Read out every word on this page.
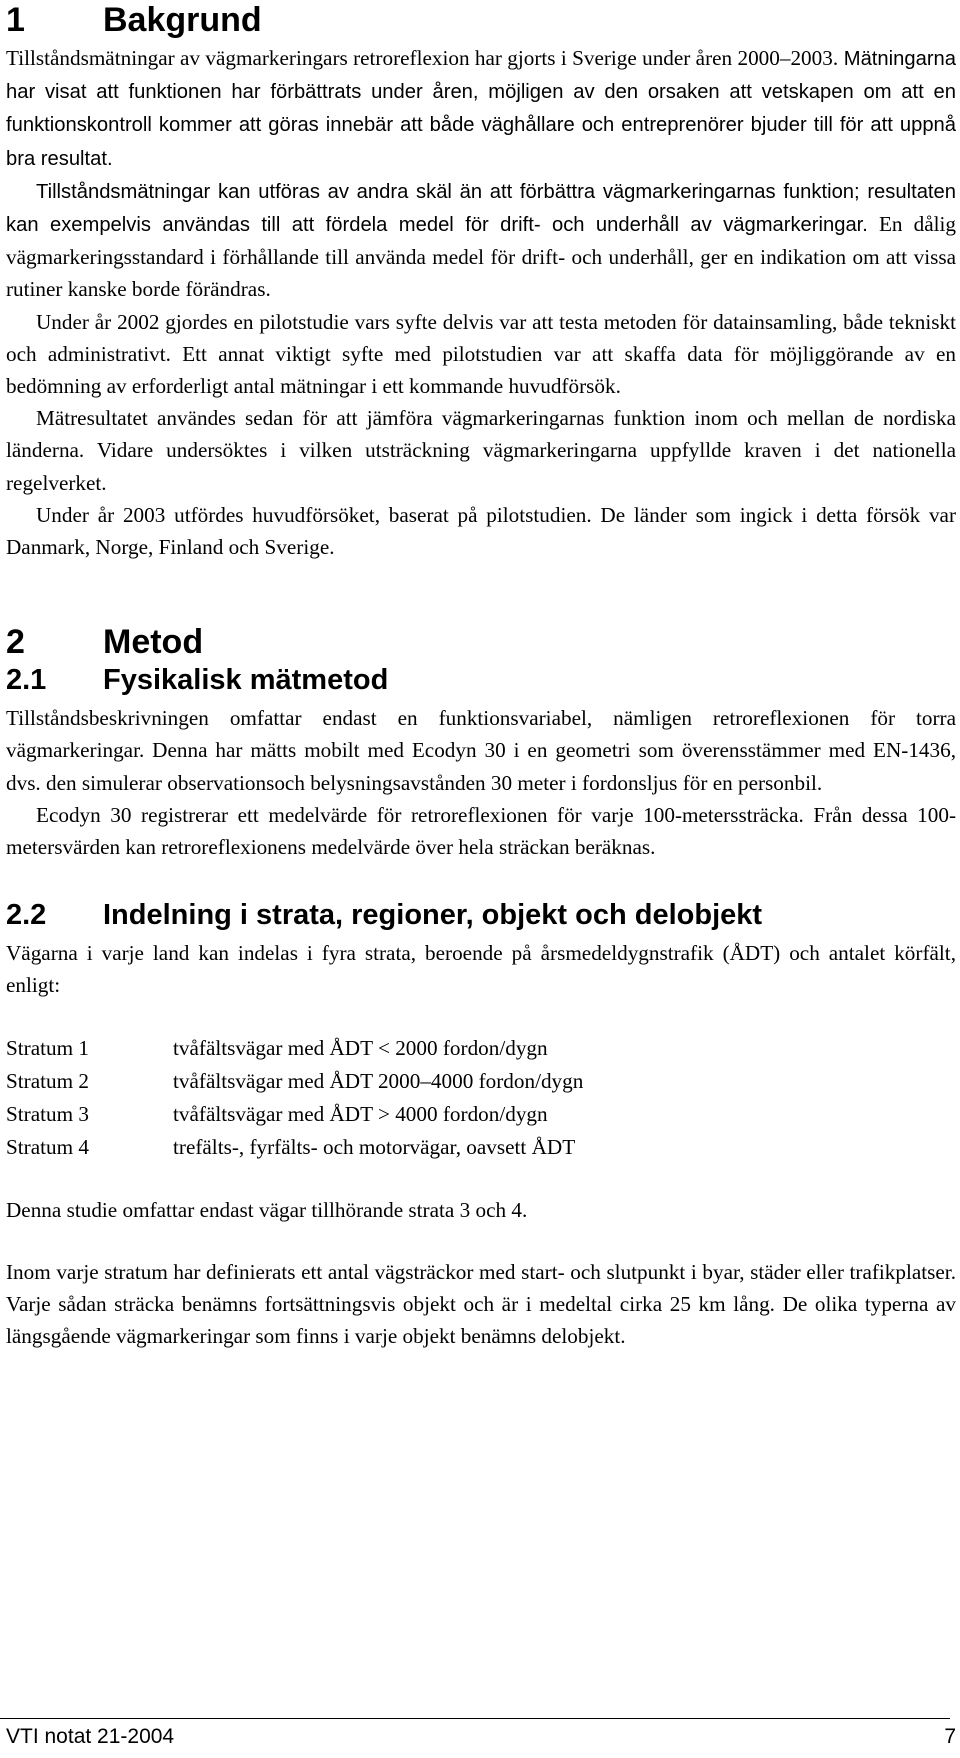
1 Bakgrund

Tillståndsmätningar av vägmarkeringars retroreflexion har gjorts i Sverige under åren 2000–2003. Mätningarna har visat att funktionen har förbättrats under åren, möjligen av den orsaken att vetskapen om att en funktionskontroll kommer att göras innebär att både väghållare och entreprenörer bjuder till för att uppnå bra resultat.

Tillståndsmätningar kan utföras av andra skäl än att förbättra vägmarkeringarnas funktion; resultaten kan exempelvis användas till att fördela medel för drift- och underhåll av vägmarkeringar. En dålig vägmarkeringsstandard i förhållande till använda medel för drift- och underhåll, ger en indikation om att vissa rutiner kanske borde förändras.

Under år 2002 gjordes en pilotstudie vars syfte delvis var att testa metoden för datainsamling, både tekniskt och administrativt. Ett annat viktigt syfte med pilotstudien var att skaffa data för möjliggörande av en bedömning av erforderligt antal mätningar i ett kommande huvudförsök.

Mätresultatet användes sedan för att jämföra vägmarkeringarnas funktion inom och mellan de nordiska länderna. Vidare undersöktes i vilken utsträckning vägmarkeringarna uppfyllde kraven i det nationella regelverket.

Under år 2003 utfördes huvudförsöket, baserat på pilotstudien. De länder som ingick i detta försök var Danmark, Norge, Finland och Sverige.

2 Metod
2.1 Fysikalisk mätmetod

Tillståndsbeskrivningen omfattar endast en funktionsvariabel, nämligen retroreflexionen för torra vägmarkeringar. Denna har mätts mobilt med Ecodyn 30 i en geometri som överensstämmer med EN-1436, dvs. den simulerar observationsoch belysningsavstånden 30 meter i fordonsljus för en personbil.

Ecodyn 30 registrerar ett medelvärde för retroreflexionen för varje 100-meterssträcka. Från dessa 100-metersvärden kan retroreflexionens medelvärde över hela sträckan beräknas.

2.2 Indelning i strata, regioner, objekt och delobjekt

Vägarna i varje land kan indelas i fyra strata, beroende på årsmedeldygnstrafik (ÅDT) och antalet körfält, enligt:

Stratum 1	tvåfältsvägar med ÅDT < 2000 fordon/dygn
Stratum 2	tvåfältsvägar med ÅDT 2000–4000 fordon/dygn
Stratum 3	tvåfältsvägar med ÅDT > 4000 fordon/dygn
Stratum 4	trefälts-, fyrfälts- och motorvägar, oavsett ÅDT

Denna studie omfattar endast vägar tillhörande strata 3 och 4.

Inom varje stratum har definierats ett antal vägsträckor med start- och slutpunkt i byar, städer eller trafikplatser. Varje sådan sträcka benämns fortsättningsvis objekt och är i medeltal cirka 25 km lång. De olika typerna av längsgående vägmarkeringar som finns i varje objekt benämns delobjekt.

VTI notat 21-2004	7
